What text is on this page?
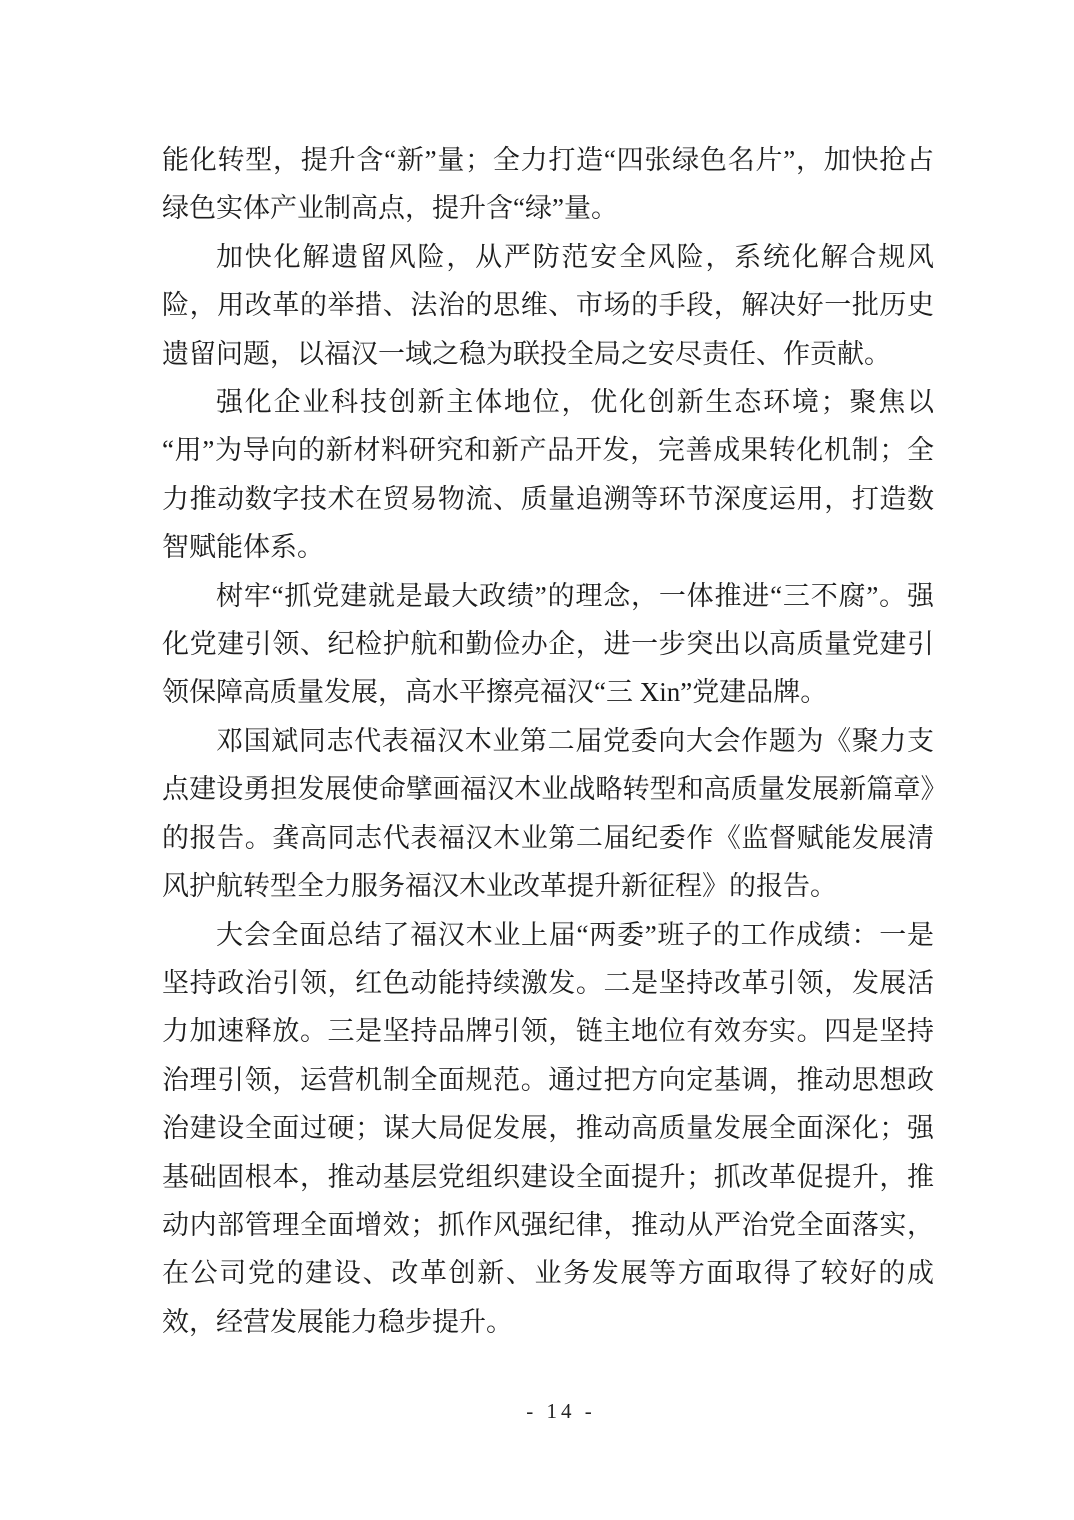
能化转型，提升含“新”量；全力打造“四张绿色名片”，加快抢占绿色实体产业制高点，提升含“绿”量。

加快化解遗留风险，从严防范安全风险，系统化解合规风险，用改革的举措、法治的思维、市场的手段，解决好一批历史遗留问题，以福汉一域之稳为联投全局之安尽责任、作贡献。

强化企业科技创新主体地位，优化创新生态环境；聚焦以“用”为导向的新材料研究和新产品开发，完善成果转化机制；全力推动数字技术在贸易物流、质量追溯等环节深度运用，打造数智赋能体系。

树牢“抓党建就是最大政绩”的理念，一体推进“三不腐”。强化党建引领、纪检护航和勤俭办企，进一步突出以高质量党建引领保障高质量发展，高水平擦亮福汉“三 Xin”党建品牌。

邓国斌同志代表福汉木业第二届党委向大会作题为《聚力支点建设勇担发展使命擘画福汉木业战略转型和高质量发展新篇章》的报告。龚高同志代表福汉木业第二届纪委作《监督赋能发展清风护航转型全力服务福汉木业改革提升新征程》的报告。

大会全面总结了福汉木业上届“两委”班子的工作成绩：一是坚持政治引领，红色动能持续激发。二是坚持改革引领，发展活力加速释放。三是坚持品牌引领，链主地位有效夯实。四是坚持治理引领，运营机制全面规范。通过把方向定基调，推动思想政治建设全面过硬；谋大局促发展，推动高质量发展全面深化；强基础固根本，推动基层党组织建设全面提升；抓改革促提升，推动内部管理全面增效；抓作风强纪律，推动从严治党全面落实，在公司党的建设、改革创新、业务发展等方面取得了较好的成效，经营发展能力稳步提升。

- 14 -
